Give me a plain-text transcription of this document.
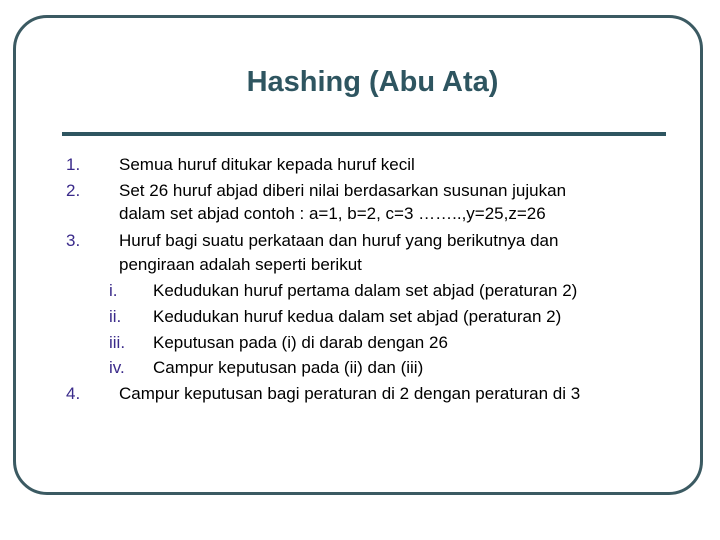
Hashing (Abu Ata)
1. Semua huruf ditukar kepada huruf kecil
2. Set 26 huruf abjad diberi nilai berdasarkan susunan jujukan
dalam set abjad contoh : a=1, b=2, c=3 ……..,y=25,z=26
3. Huruf bagi suatu perkataan dan huruf yang berikutnya dan
pengiraan adalah seperti berikut
i. Kedudukan huruf pertama dalam set abjad (peraturan 2)
ii. Kedudukan huruf kedua dalam set abjad (peraturan 2)
iii. Keputusan pada (i) di darab dengan 26
iv. Campur keputusan pada (ii) dan (iii)
4. Campur keputusan bagi peraturan di 2 dengan peraturan di 3
